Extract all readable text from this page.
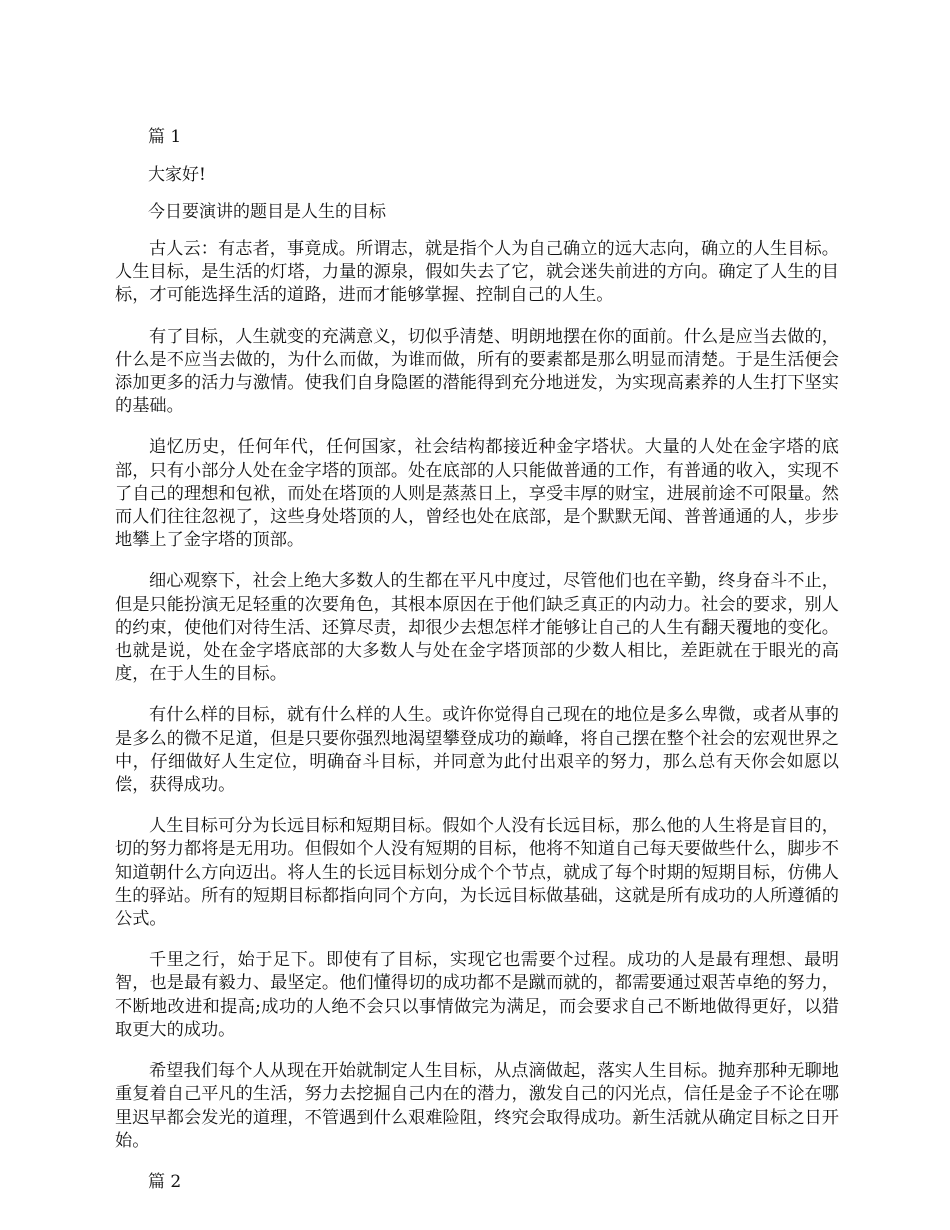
篇 1
大家好!
今日要演讲的题目是人生的目标

古人云：有志者，事竟成。所谓志，就是指个人为自己确立的远大志向，确立的人生目标。人生目标，是生活的灯塔，力量的源泉，假如失去了它，就会迷失前进的方向。确定了人生的目标，才可能选择生活的道路，进而才能够掌握、控制自己的人生。

有了目标，人生就变的充满意义，切似乎清楚、明朗地摆在你的面前。什么是应当去做的，什么是不应当去做的，为什么而做，为谁而做，所有的要素都是那么明显而清楚。于是生活便会添加更多的活力与激情。使我们自身隐匿的潜能得到充分地迸发，为实现高素养的人生打下坚实的基础。

追忆历史，任何年代，任何国家，社会结构都接近种金字塔状。大量的人处在金字塔的底部，只有小部分人处在金字塔的顶部。处在底部的人只能做普通的工作，有普通的收入，实现不了自己的理想和包袱，而处在塔顶的人则是蒸蒸日上，享受丰厚的财宝，进展前途不可限量。然而人们往往忽视了，这些身处塔顶的人，曾经也处在底部，是个默默无闻、普普通通的人，步步地攀上了金字塔的顶部。

细心观察下，社会上绝大多数人的生都在平凡中度过，尽管他们也在辛勤，终身奋斗不止，但是只能扮演无足轻重的次要角色，其根本原因在于他们缺乏真正的内动力。社会的要求，别人的约束，使他们对待生活、还算尽责，却很少去想怎样才能够让自己的人生有翻天覆地的变化。也就是说，处在金字塔底部的大多数人与处在金字塔顶部的少数人相比，差距就在于眼光的高度，在于人生的目标。

有什么样的目标，就有什么样的人生。或许你觉得自己现在的地位是多么卑微，或者从事的是多么的微不足道，但是只要你强烈地渴望攀登成功的巅峰，将自己摆在整个社会的宏观世界之中，仔细做好人生定位，明确奋斗目标，并同意为此付出艰辛的努力，那么总有天你会如愿以偿，获得成功。

人生目标可分为长远目标和短期目标。假如个人没有长远目标，那么他的人生将是盲目的，切的努力都将是无用功。但假如个人没有短期的目标，他将不知道自己每天要做些什么，脚步不知道朝什么方向迈出。将人生的长远目标划分成个个节点，就成了每个时期的短期目标，仿佛人生的驿站。所有的短期目标都指向同个方向，为长远目标做基础，这就是所有成功的人所遵循的公式。

千里之行，始于足下。即使有了目标，实现它也需要个过程。成功的人是最有理想、最明智，也是最有毅力、最坚定。他们懂得切的成功都不是蹴而就的，都需要通过艰苦卓绝的努力，不断地改进和提高;成功的人绝不会只以事情做完为满足，而会要求自己不断地做得更好，以猎取更大的成功。

希望我们每个人从现在开始就制定人生目标，从点滴做起，落实人生目标。抛弃那种无聊地重复着自己平凡的生活，努力去挖掘自己内在的潜力，激发自己的闪光点，信任是金子不论在哪里迟早都会发光的道理，不管遇到什么艰难险阻，终究会取得成功。新生活就从确定目标之日开始。

篇 2
